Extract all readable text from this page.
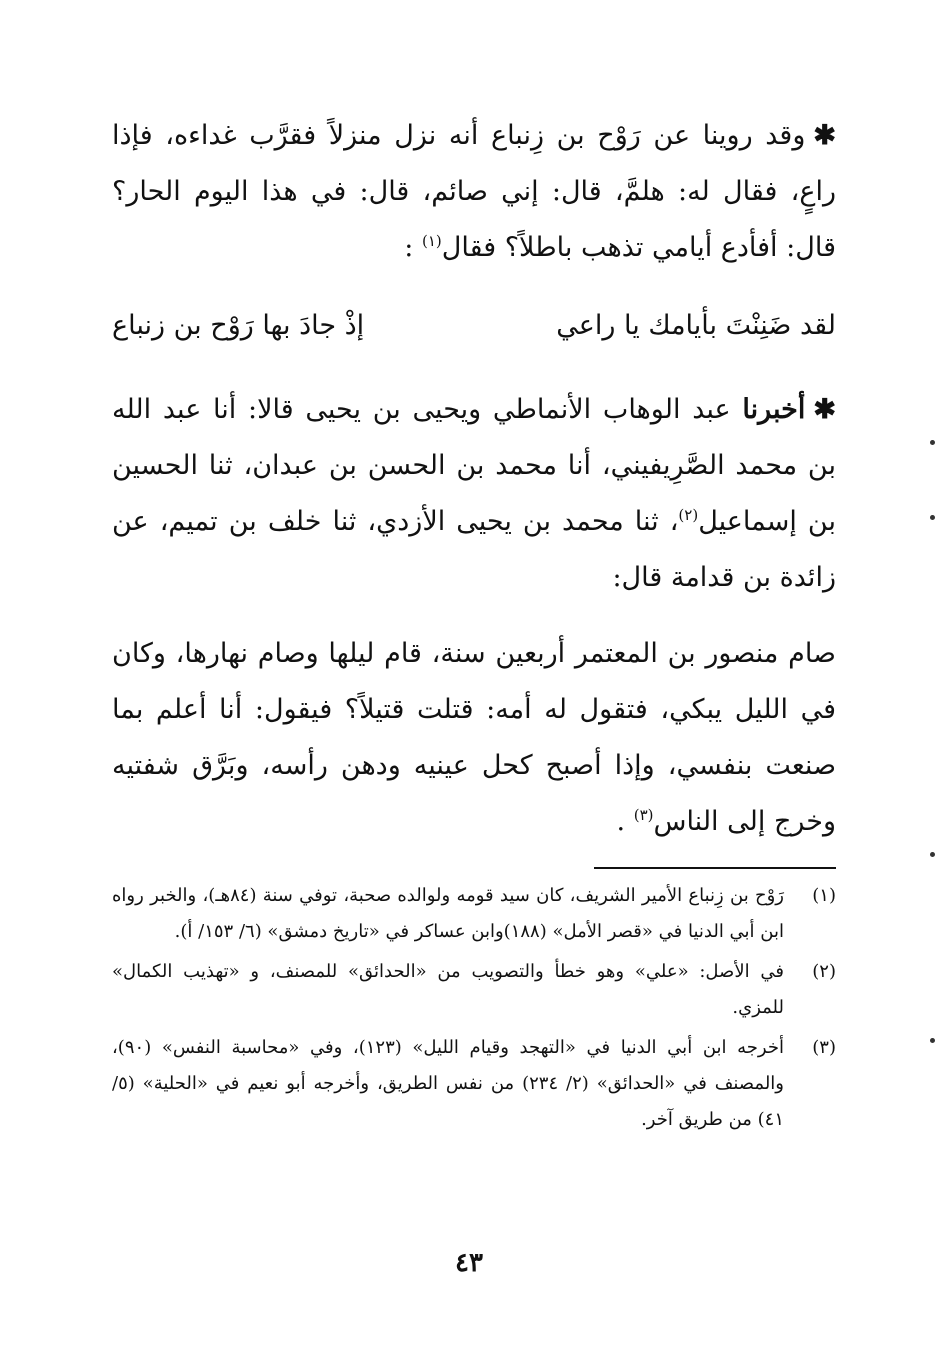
✱وقد روينا عن رَوْح بن زِنباع أنه نزل منزلاً فقرَّب غداءه، فإذا راعٍ، فقال له: هلمَّ، قال: إني صائم، قال: في هذا اليوم الحار؟ قال: أفأدع أيامي تذهب باطلاً؟ فقال$^{(١)}$ :

لقد ضَنِنْتَ بأيامك يا راعي
إذْ جادَ بها رَوْح بن زنباع

✱أخبرنا عبد الوهاب الأنماطي ويحيى بن يحيى قالا: أنا عبد الله بن محمد الصَّرِيفيني، أنا محمد بن الحسن بن عبدان، ثنا الحسين بن إسماعيل$^{(٢)}$، ثنا محمد بن يحيى الأزدي، ثنا خلف بن تميم، عن زائدة بن قدامة قال:

صام منصور بن المعتمر أربعين سنة، قام ليلها وصام نهارها، وكان في الليل يبكي، فتقول له أمه: قتلت قتيلاً؟ فيقول: أنا أعلم بما صنعت بنفسي، وإذا أصبح كحل عينيه ودهن رأسه، وبَرَّق شفتيه وخرج إلى الناس$^{(٣)}$ .

(١)
رَوْح بن زِنباع الأمير الشريف، كان سيد قومه ولوالده صحبة، توفي سنة (٨٤هـ)، والخبر رواه ابن أبي الدنيا في «قصر الأمل» (١٨٨)وابن عساكر في «تاريخ دمشق» (٦/ ١٥٣/ أ).
(٢)
في الأصل: «علي» وهو خطأ والتصويب من «الحدائق» للمصنف، و «تهذيب الكمال» للمزي.
(٣)
أخرجه ابن أبي الدنيا في «التهجد وقيام الليل» (١٢٣)، وفي «محاسبة النفس» (٩٠)، والمصنف في «الحدائق» (٢/ ٢٣٤) من نفس الطريق، وأخرجه أبو نعيم في «الحلية» (٥/ ٤١) من طريق آخر.
٤٣
